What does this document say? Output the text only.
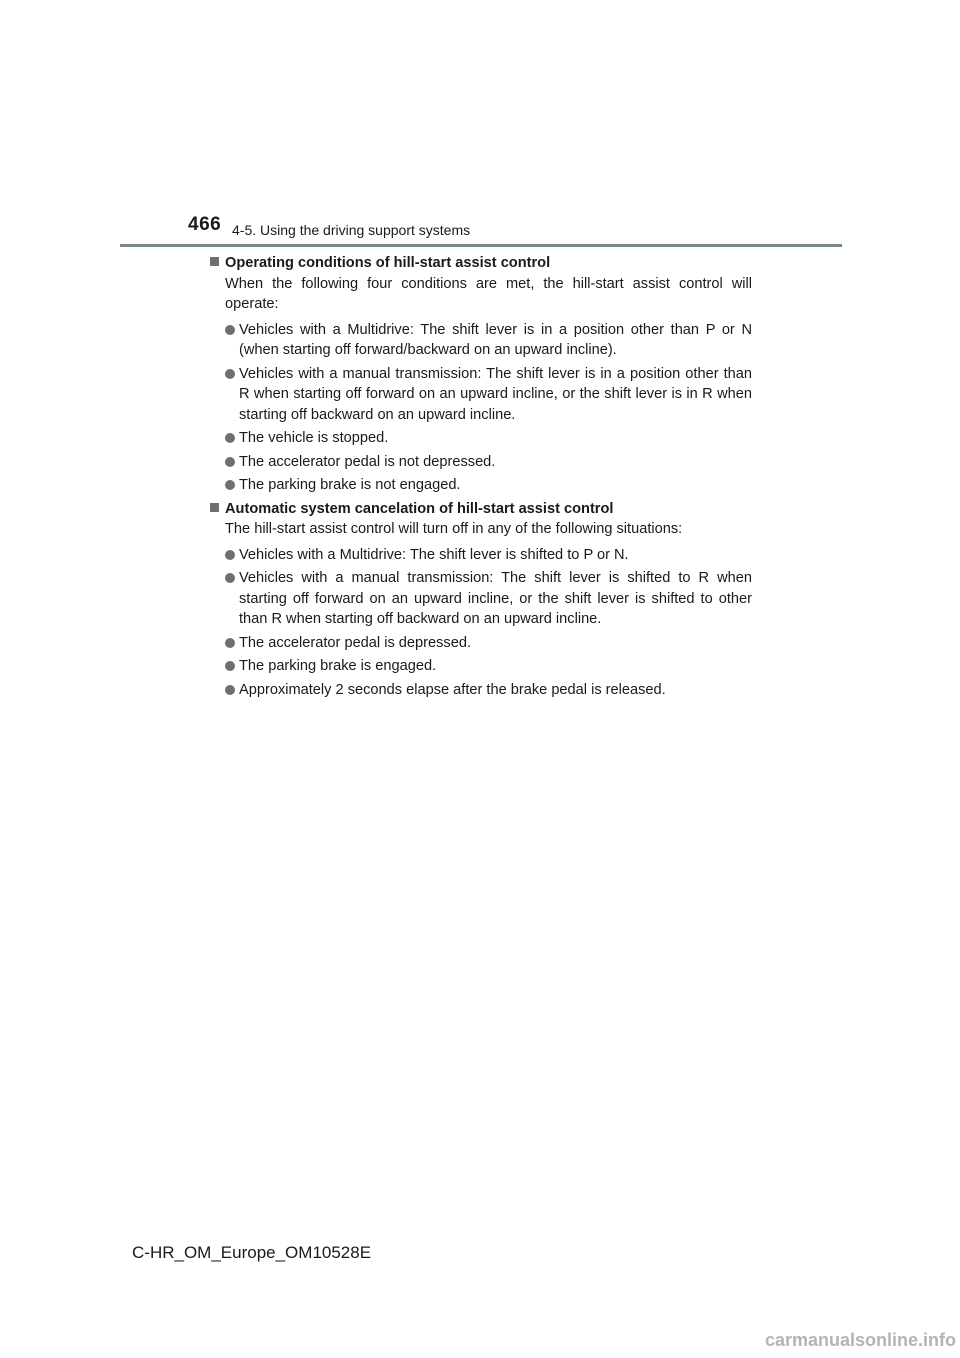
466 4-5. Using the driving support systems
Operating conditions of hill-start assist control
When the following four conditions are met, the hill-start assist control will operate:
Vehicles with a Multidrive: The shift lever is in a position other than P or N (when starting off forward/backward on an upward incline).
Vehicles with a manual transmission: The shift lever is in a position other than R when starting off forward on an upward incline, or the shift lever is in R when starting off backward on an upward incline.
The vehicle is stopped.
The accelerator pedal is not depressed.
The parking brake is not engaged.
Automatic system cancelation of hill-start assist control
The hill-start assist control will turn off in any of the following situations:
Vehicles with a Multidrive: The shift lever is shifted to P or N.
Vehicles with a manual transmission: The shift lever is shifted to R when starting off forward on an upward incline, or the shift lever is shifted to other than R when starting off backward on an upward incline.
The accelerator pedal is depressed.
The parking brake is engaged.
Approximately 2 seconds elapse after the brake pedal is released.
C-HR_OM_Europe_OM10528E
carmanualsonline.info
